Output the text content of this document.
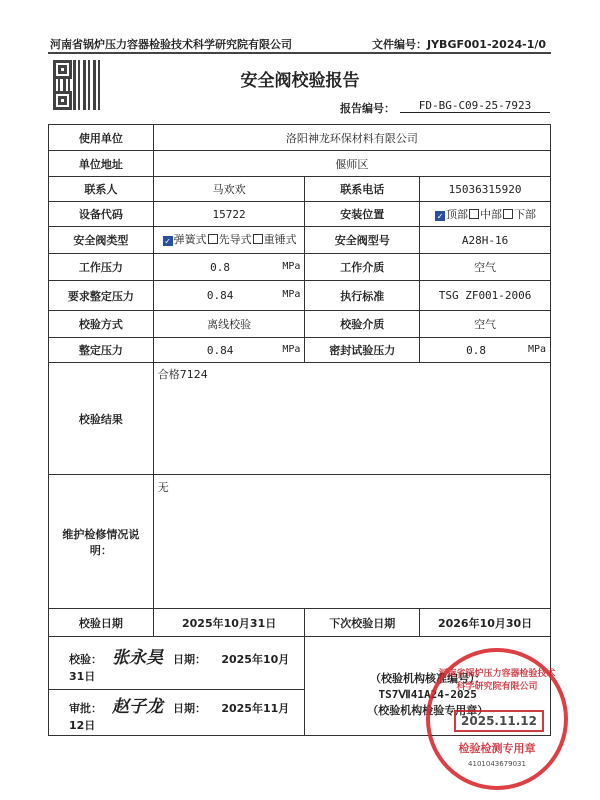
河南省锅炉压力容器检验技术科学研究院有限公司	文件编号：JYBGF001-2024-1/0
安全阀校验报告
报告编号：	FD-BG-C09-25-7923
使用单位	洛阳神龙环保材料有限公司		
单位地址	偃师区		
联系人	马欢欢	联系电话	15036315920
设备代码	15722	安装位置	✓ 顶部 中部 下部
安全阀类型	✓ 弹簧式 先导式 重锤式	安全阀型号	A28H-16
工作压力	0.8 MPa	工作介质	空气
要求整定压力	0.84 MPa	执行标准	TSG ZF001-2006
校验方式	离线校验	校验介质	空气
整定压力	0.84 MPa	密封试验压力	0.8 MPa

校验结果	合格7124		
维护检修情况说明：	无		
校验日期	2025年10月31日	下次校验日期	2026年10月30日
校验： 张永昊 日期： 2025年10月31日		（校验机构核准编号）：
TS7Ⅶ41A24-2025
（校验机构检验专用章）	

审批： 赵子龙 日期： 2025年11月12日			
河南省锅炉压力容器检验技术科学研究院有限公司
2025.11.12
检验检测专用章
4101043679031
